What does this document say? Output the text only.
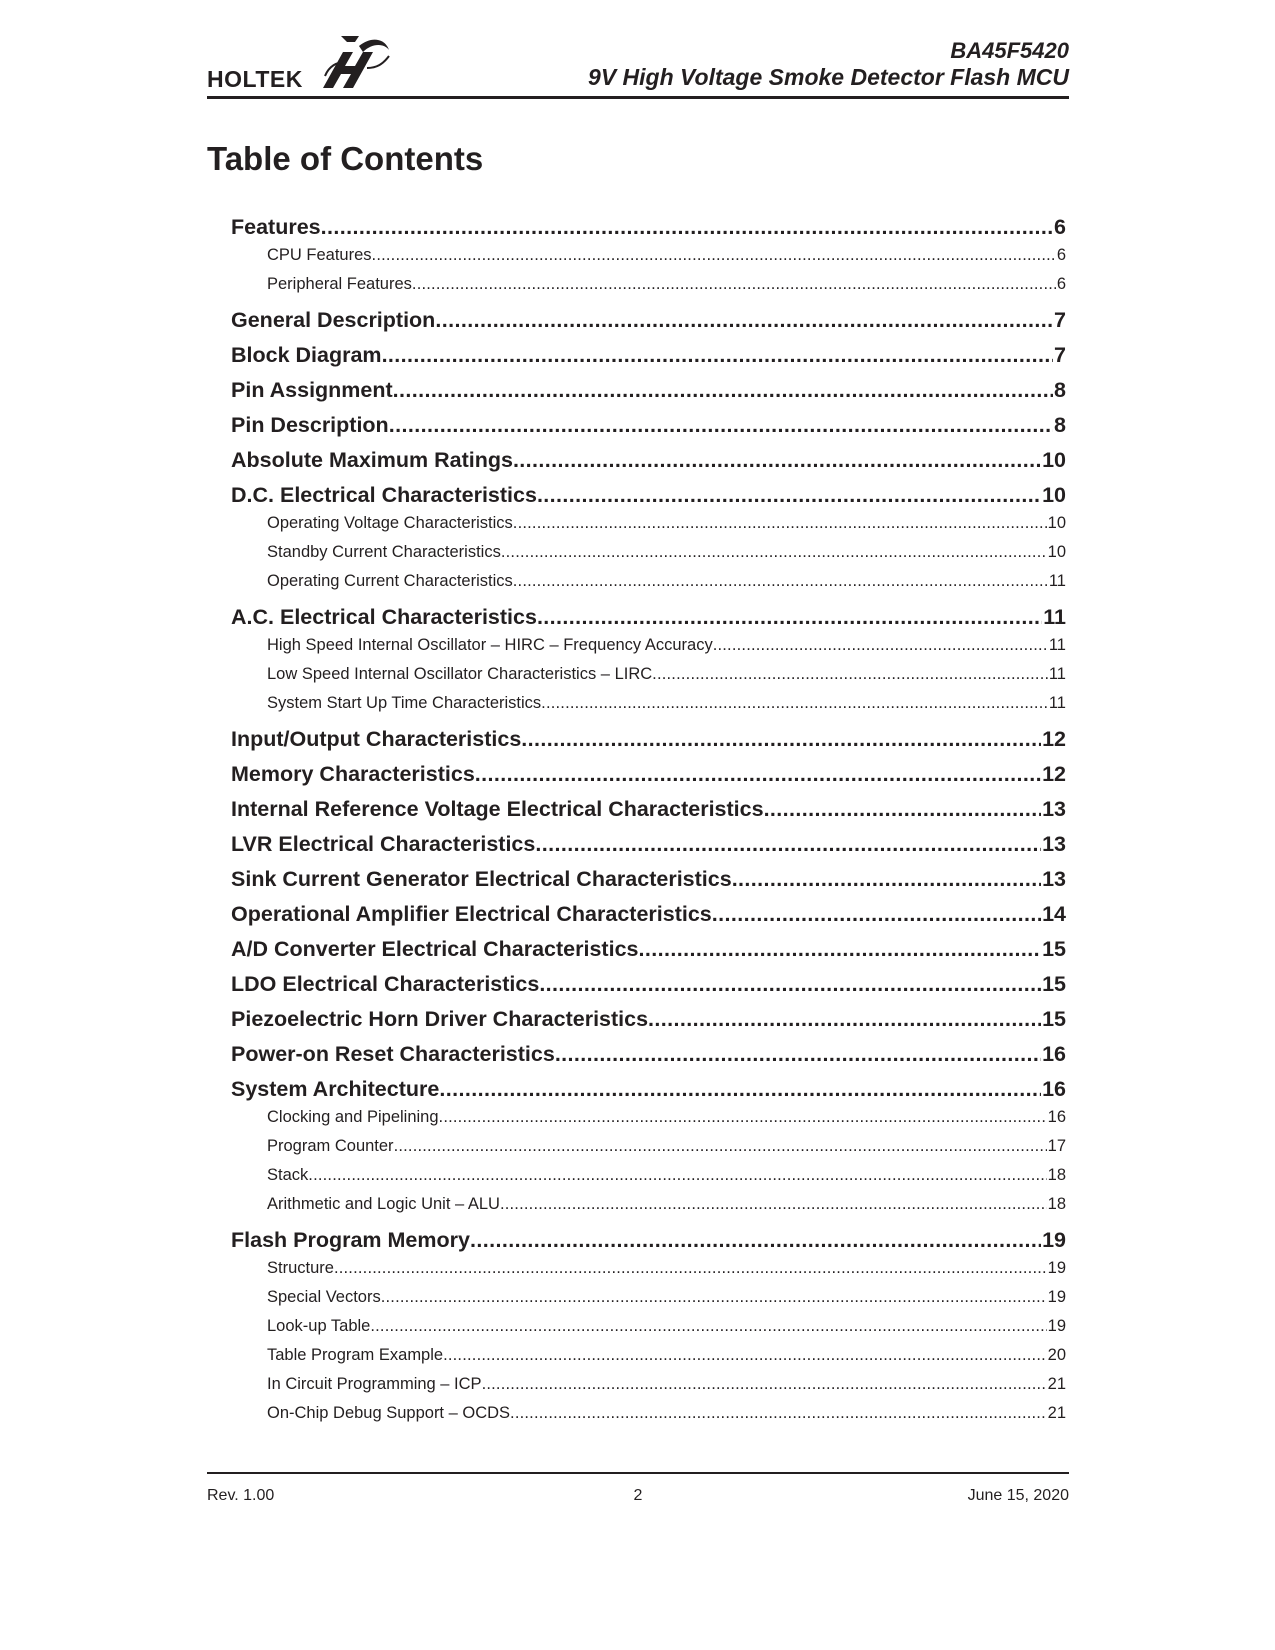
HOLTEK
BA45F5420
9V High Voltage Smoke Detector Flash MCU
Table of Contents
Features .....	6
CPU Features .....	6
Peripheral Features .....	6
General Description .....	7
Block Diagram .....	7
Pin Assignment .....	8
Pin Description .....	8
Absolute Maximum Ratings .....	10
D.C. Electrical Characteristics .....	10
Operating Voltage Characteristics .....	10
Standby Current Characteristics .....	10
Operating Current Characteristics .....	11
A.C. Electrical Characteristics .....	11
High Speed Internal Oscillator – HIRC – Frequency Accuracy .....	11
Low Speed Internal Oscillator Characteristics – LIRC .....	11
System Start Up Time Characteristics .....	11
Input/Output Characteristics .....	12
Memory Characteristics .....	12
Internal Reference Voltage Electrical Characteristics .....	13
LVR Electrical Characteristics .....	13
Sink Current Generator Electrical Characteristics .....	13
Operational Amplifier Electrical Characteristics .....	14
A/D Converter Electrical Characteristics .....	15
LDO Electrical Characteristics .....	15
Piezoelectric Horn Driver Characteristics .....	15
Power-on Reset Characteristics .....	16
System Architecture .....	16
Clocking and Pipelining .....	16
Program Counter .....	17
Stack .....	18
Arithmetic and Logic Unit – ALU .....	18
Flash Program Memory .....	19
Structure .....	19
Special Vectors .....	19
Look-up Table .....	19
Table Program Example .....	20
In Circuit Programming – ICP .....	21
On-Chip Debug Support – OCDS .....	21
Rev. 1.00	2	June 15, 2020
